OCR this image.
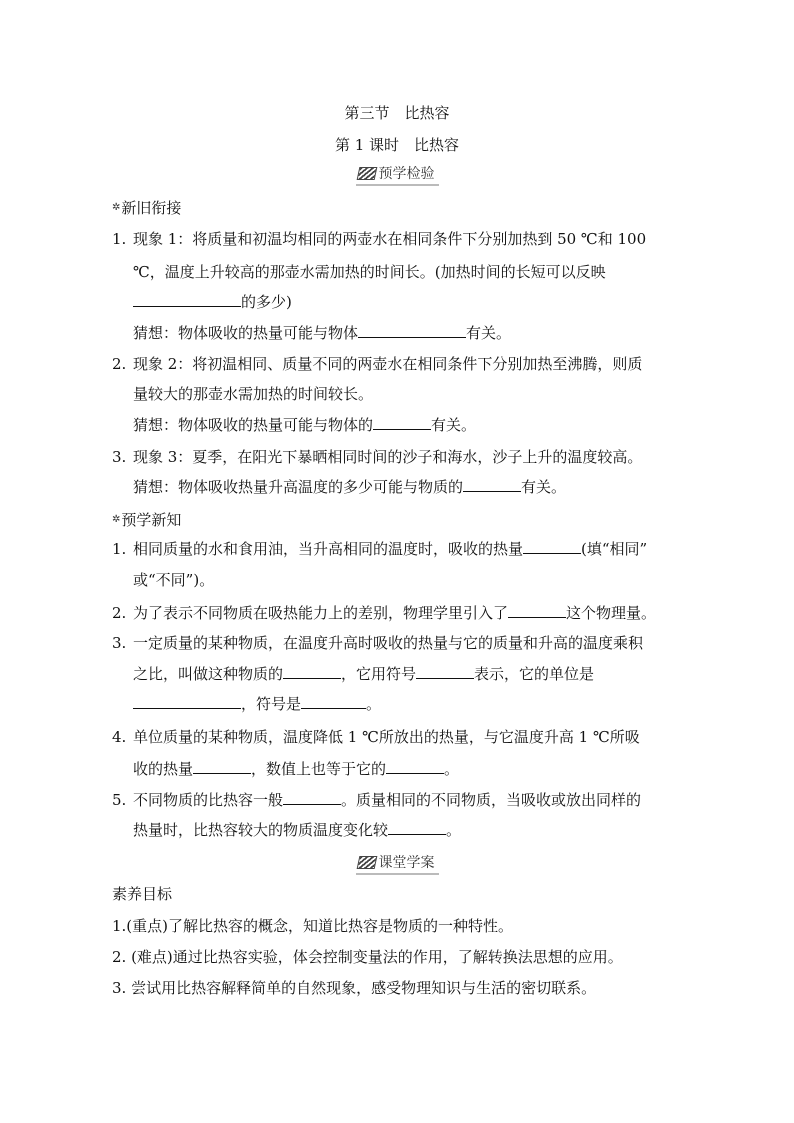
第三节　比热容
第 1 课时　比热容
预学检验
✲ 新旧衔接
1. 现象 1：将质量和初温均相同的两壶水在相同条件下分别加热到 50 ℃和 100
℃，温度上升较高的那壶水需加热的时间长。(加热时间的长短可以反映
的多少)
猜想：物体吸收的热量可能与物体	有关。
2. 现象 2：将初温相同、质量不同的两壶水在相同条件下分别加热至沸腾，则质
量较大的那壶水需加热的时间较长。
猜想：物体吸收的热量可能与物体的	有关。
3. 现象 3：夏季，在阳光下暴晒相同时间的沙子和海水，沙子上升的温度较高。
猜想：物体吸收热量升高温度的多少可能与物质的	有关。
✲ 预学新知
1. 相同质量的水和食用油，当升高相同的温度时，吸收的热量	(填“相同”
或“不同”)。
2. 为了表示不同物质在吸热能力上的差别，物理学里引入了	这个物理量。
3. 一定质量的某种物质，在温度升高时吸收的热量与它的质量和升高的温度乘积
之比，叫做这种物质的	，它用符号	表示，它的单位是
，符号是	。
4. 单位质量的某种物质，温度降低 1 ℃所放出的热量，与它温度升高 1 ℃所吸
收的热量	，数值上也等于它的	。
5. 不同物质的比热容一般	。质量相同的不同物质，当吸收或放出同样的
热量时，比热容较大的物质温度变化较	。
课堂学案
素养目标
1.(重点)了解比热容的概念，知道比热容是物质的一种特性。
2. (难点)通过比热容实验，体会控制变量法的作用，了解转换法思想的应用。
3. 尝试用比热容解释简单的自然现象，感受物理知识与生活的密切联系。
